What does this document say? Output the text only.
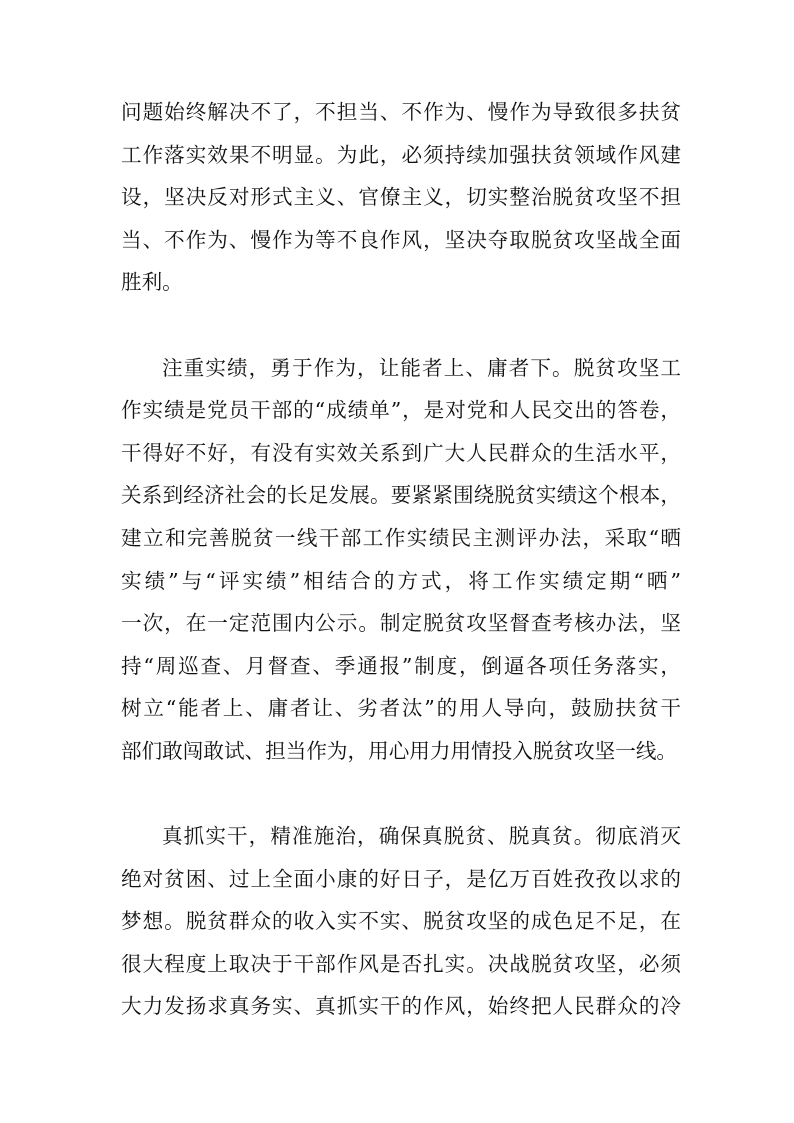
问题始终解决不了，不担当、不作为、慢作为导致很多扶贫
工作落实效果不明显。为此，必须持续加强扶贫领域作风建
设，坚决反对形式主义、官僚主义，切实整治脱贫攻坚不担
当、不作为、慢作为等不良作风，坚决夺取脱贫攻坚战全面
胜利。
注重实绩，勇于作为，让能者上、庸者下。脱贫攻坚工
作实绩是党员干部的“成绩单”，是对党和人民交出的答卷，
干得好不好，有没有实效关系到广大人民群众的生活水平，
关系到经济社会的长足发展。要紧紧围绕脱贫实绩这个根本，
建立和完善脱贫一线干部工作实绩民主测评办法，采取“晒
实绩”与“评实绩”相结合的方式，将工作实绩定期“晒”
一次，在一定范围内公示。制定脱贫攻坚督查考核办法，坚
持“周巡查、月督查、季通报”制度，倒逼各项任务落实，
树立“能者上、庸者让、劣者汰”的用人导向，鼓励扶贫干
部们敢闯敢试、担当作为，用心用力用情投入脱贫攻坚一线。
真抓实干，精准施治，确保真脱贫、脱真贫。彻底消灭
绝对贫困、过上全面小康的好日子，是亿万百姓孜孜以求的
梦想。脱贫群众的收入实不实、脱贫攻坚的成色足不足，在
很大程度上取决于干部作风是否扎实。决战脱贫攻坚，必须
大力发扬求真务实、真抓实干的作风，始终把人民群众的冷
